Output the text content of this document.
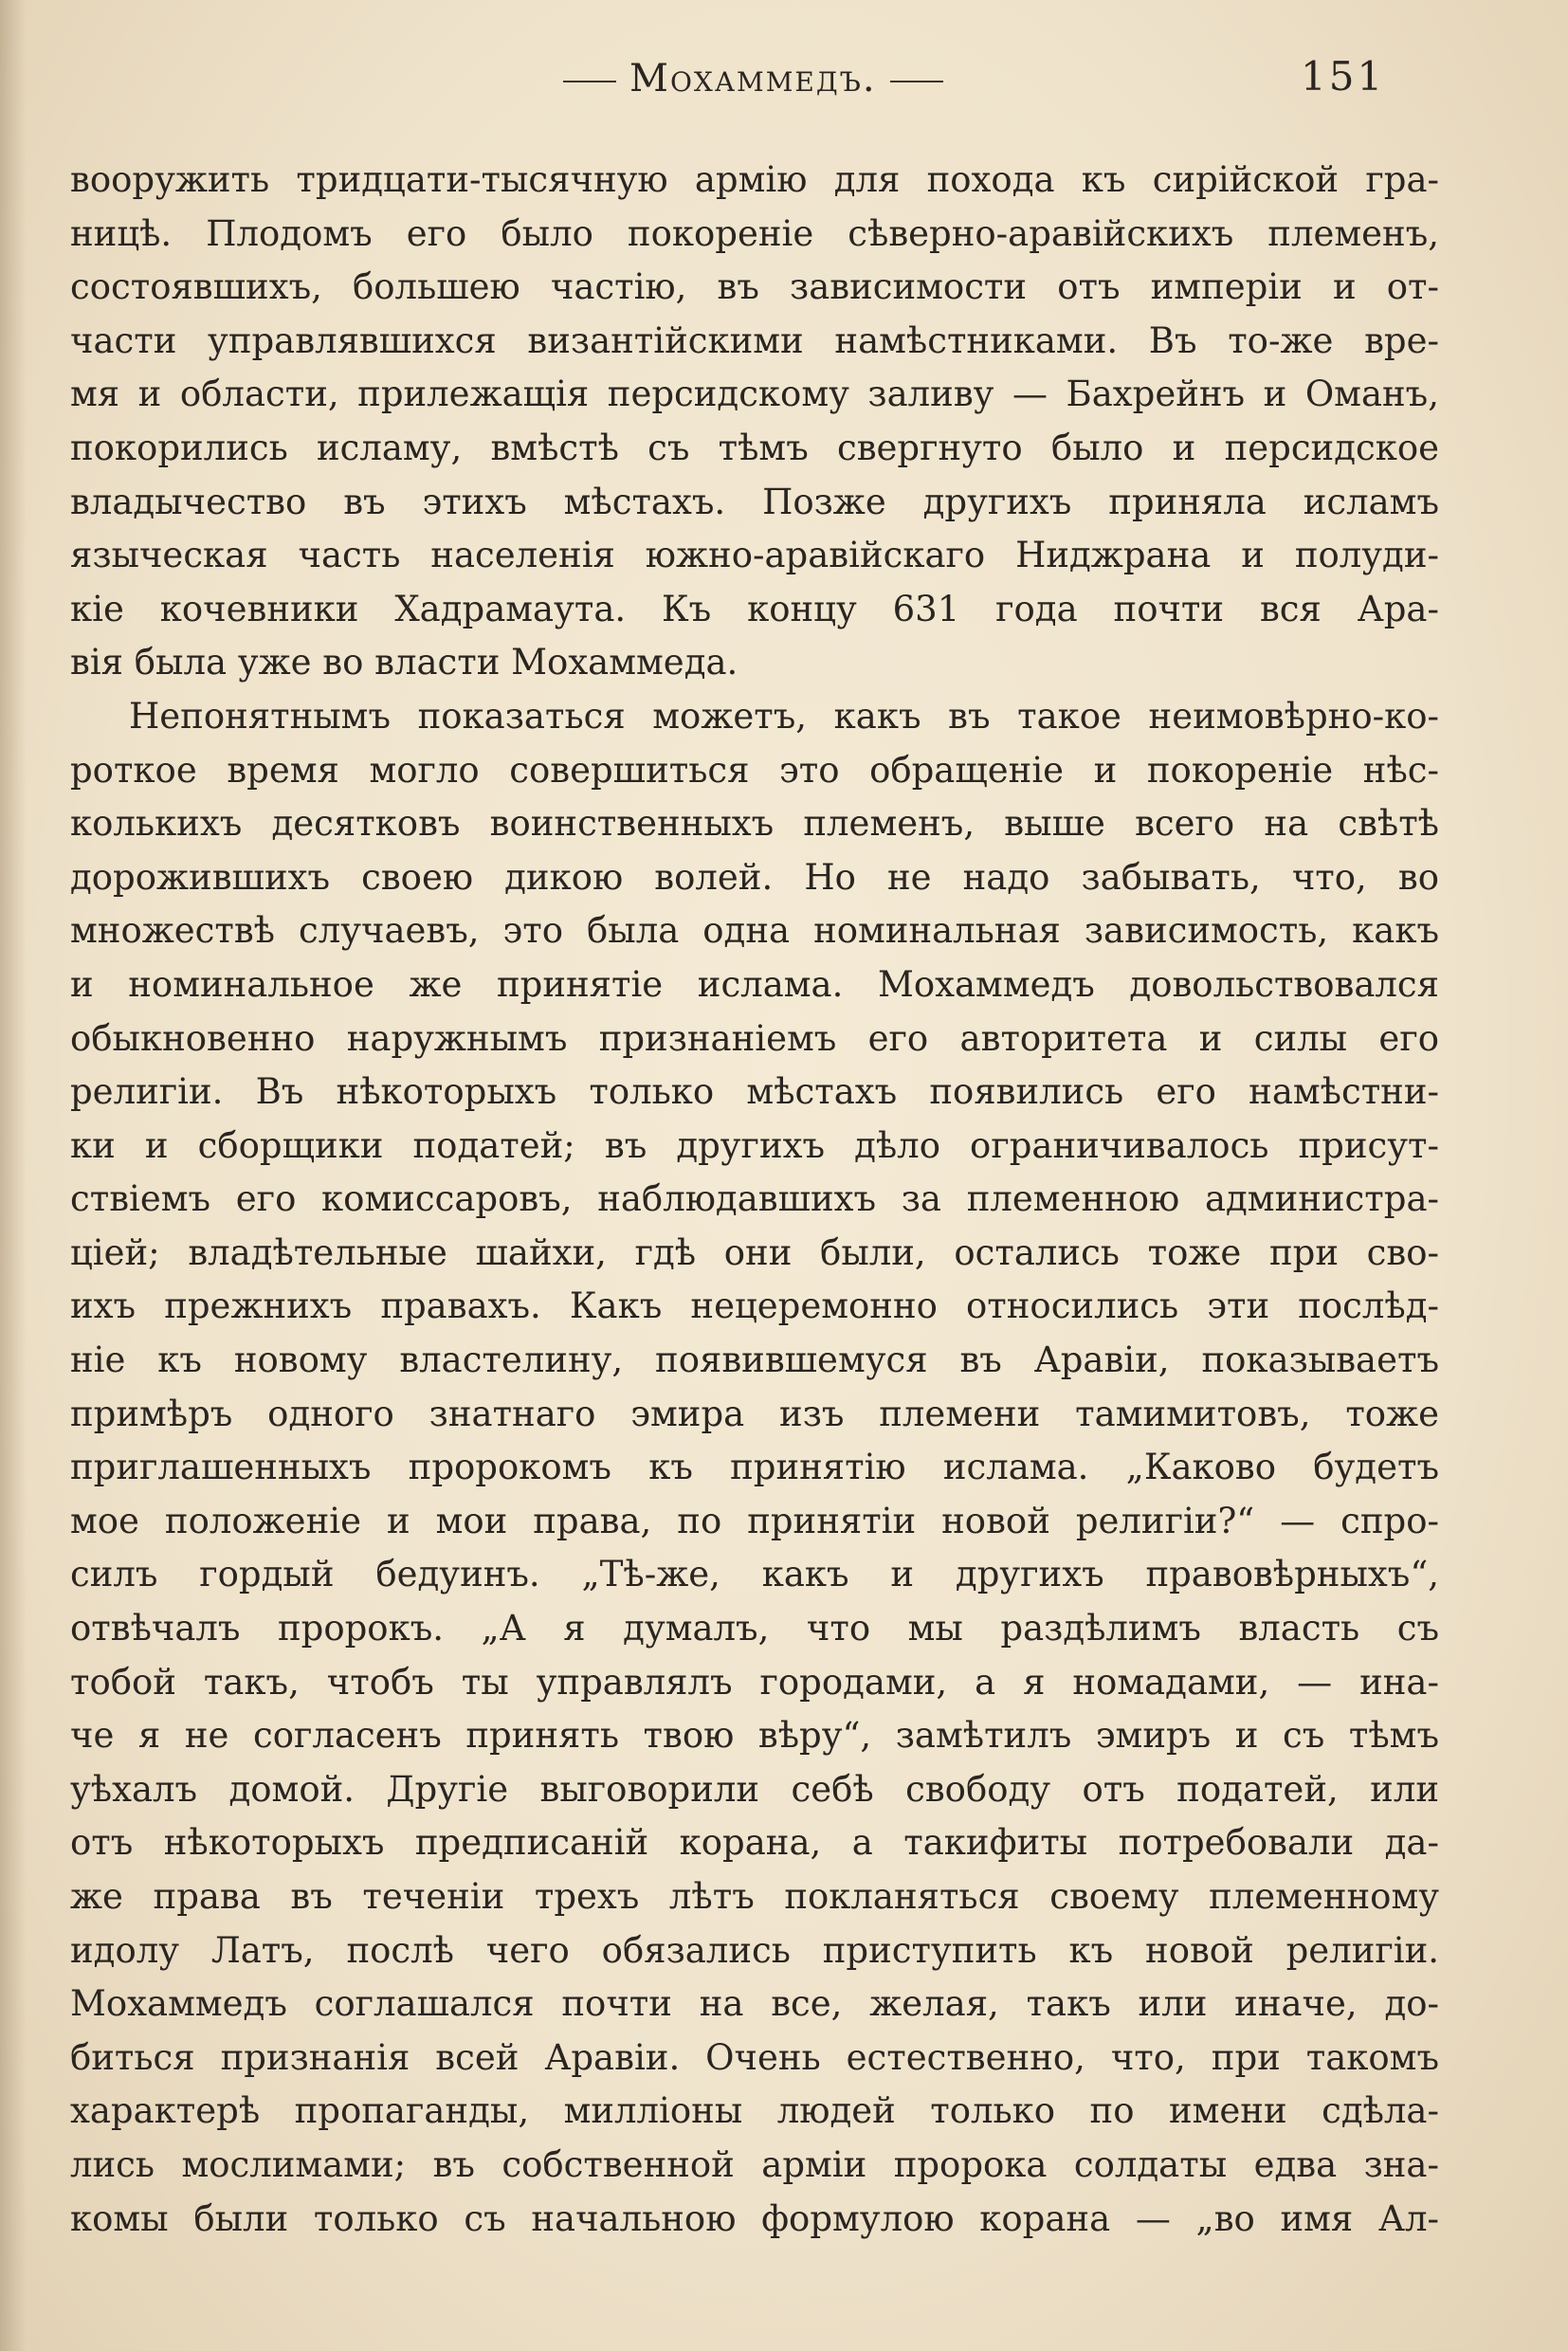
Мохаммедъ.	151
вооружить тридцати-тысячную армію для похода къ сирійской гра-
ницѣ. Плодомъ его было покореніе сѣверно-аравійскихъ племенъ,
состоявшихъ, большею частію, въ зависимости отъ имперіи и от-
части управлявшихся византійскими намѣстниками. Въ то-же вре-
мя и области, прилежащія персидскому заливу — Бахрейнъ и Оманъ,
покорились исламу, вмѣстѣ съ тѣмъ свергнуто было и персидское
владычество въ этихъ мѣстахъ. Позже другихъ приняла исламъ
языческая часть населенія южно-аравійскаго Ниджрана и полуди-
кіе кочевники Хадрамаута. Къ концу 631 года почти вся Ара-
вія была уже во власти Мохаммеда.
Непонятнымъ показаться можетъ, какъ въ такое неимовѣрно-ко-
роткое время могло совершиться это обращеніе и покореніе нѣс-
колькихъ десятковъ воинственныхъ племенъ, выше всего на свѣтѣ
дорожившихъ своею дикою волей. Но не надо забывать, что, во
множествѣ случаевъ, это была одна номинальная зависимость, какъ
и номинальное же принятіе ислама. Мохаммедъ довольствовался
обыкновенно наружнымъ признаніемъ его авторитета и силы его
религіи. Въ нѣкоторыхъ только мѣстахъ появились его намѣстни-
ки и сборщики податей; въ другихъ дѣло ограничивалось присут-
ствіемъ его комиссаровъ, наблюдавшихъ за племенною администра-
ціей; владѣтельные шайхи, гдѣ они были, остались тоже при сво-
ихъ прежнихъ правахъ. Какъ нецеремонно относились эти послѣд-
ніе къ новому властелину, появившемуся въ Аравіи, показываетъ
примѣръ одного знатнаго эмира изъ племени тамимитовъ, тоже
приглашенныхъ пророкомъ къ принятію ислама. „Каково будетъ
мое положеніе и мои права, по принятіи новой религіи?“ — спро-
силъ гордый бедуинъ. „Тѣ-же, какъ и другихъ правовѣрныхъ“,
отвѣчалъ пророкъ. „А я думалъ, что мы раздѣлимъ власть съ
тобой такъ, чтобъ ты управлялъ городами, а я номадами, — ина-
че я не согласенъ принять твою вѣру“, замѣтилъ эмиръ и съ тѣмъ
уѣхалъ домой. Другіе выговорили себѣ свободу отъ податей, или
отъ нѣкоторыхъ предписаній корана, а такифиты потребовали да-
же права въ теченіи трехъ лѣтъ покланяться своему племенному
идолу Латъ, послѣ чего обязались приступить къ новой религіи.
Мохаммедъ соглашался почти на все, желая, такъ или иначе, до-
биться признанія всей Аравіи. Очень естественно, что, при такомъ
характерѣ пропаганды, милліоны людей только по имени сдѣла-
лись мослимами; въ собственной арміи пророка солдаты едва зна-
комы были только съ начальною формулою корана — „во имя Ал-
